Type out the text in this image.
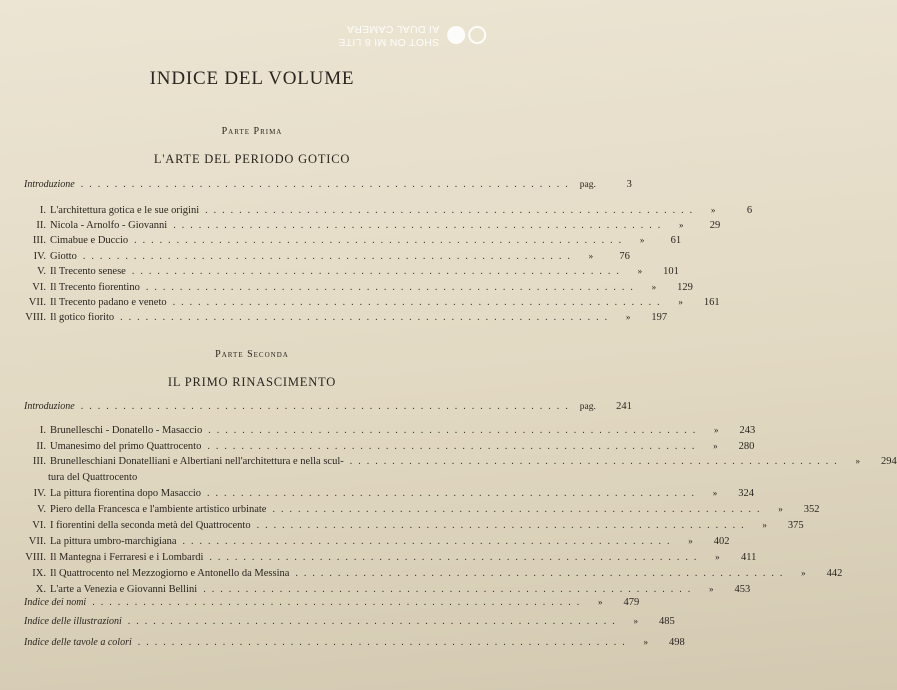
SHOT ON MI 8 LITE
AI DUAL CAMERA
INDICE DEL VOLUME
Parte Prima
L'ARTE DEL PERIODO GOTICO
Introduzione .......................................................... pag.	3
I. L'architettura gotica e le sue origini ..........................................................	»	6
II. Nicola - Arnolfo - Giovanni ..........................................................	»	29
III. Cimabue e Duccio ..........................................................	»	61
IV. Giotto ..........................................................	»	76
V. Il Trecento senese ..........................................................	»	101
VI. Il Trecento fiorentino ..........................................................	»	129
VII. Il Trecento padano e veneto ..........................................................	»	161
VIII. Il gotico fiorito ..........................................................	»	197
Parte Seconda
IL PRIMO RINASCIMENTO
Introduzione .......................................................... pag.	241
I. Brunelleschi - Donatello - Masaccio ..........................................................	»	243
II. Umanesimo del primo Quattrocento ..........................................................	»	280
III. Brunelleschiani Donatelliani e Albertiani nell'architettura e nella scul- ..........................................................	»	294
tura del Quattrocento
IV. La pittura fiorentina dopo Masaccio ..........................................................	»	324
V. Piero della Francesca e l'ambiente artistico urbinate ..........................................................	»	352
VI. I fiorentini della seconda metà del Quattrocento ..........................................................	»	375
VII. La pittura umbro-marchigiana ..........................................................	»	402
VIII. Il Mantegna i Ferraresi e i Lombardi ..........................................................	»	411
IX. Il Quattrocento nel Mezzogiorno e Antonello da Messina ..........................................................	»	442
X. L'arte a Venezia e Giovanni Bellini ..........................................................	»	453
Indice dei nomi ..........................................................	»	479
Indice delle illustrazioni ..........................................................	»	485
Indice delle tavole a colori ..........................................................	»	498
